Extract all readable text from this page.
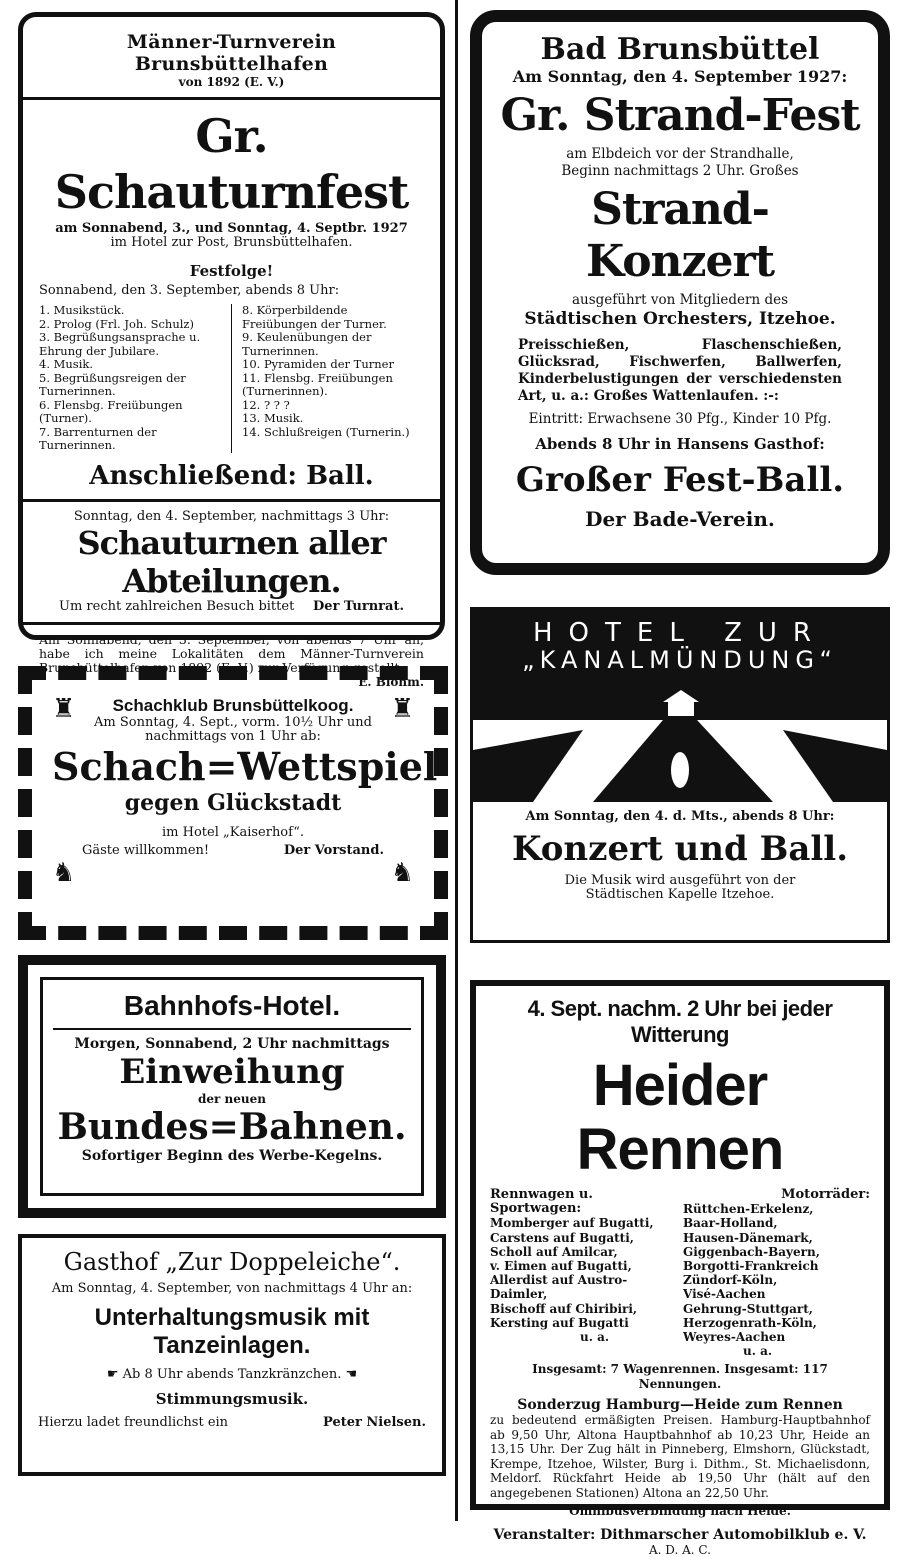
Männer-Turnverein Brunsbüttelhafen
von 1892 (E. V.)
Gr. Schauturnfest
am Sonnabend, 3., und Sonntag, 4. Septbr. 1927
im Hotel zur Post, Brunsbüttelhafen.
Festfolge!
Sonnabend, den 3. September, abends 8 Uhr:
1. Musikstück.
2. Prolog (Frl. Joh. Schulz)
3. Begrüßungsansprache u. Ehrung der Jubilare.
4. Musik.
5. Begrüßungsreigen der Turnerinnen.
6. Flensbg. Freiübungen (Turner).
7. Barrenturnen der Turnerinnen.
8. Körperbildende Freiübungen der Turner.
9. Keulenübungen der Turnerinnen.
10. Pyramiden der Turner
11. Flensbg. Freiübungen (Turnerinnen).
12. ? ? ?
13. Musik.
14. Schlußreigen (Turnerin.)
Anschließend: Ball.
Sonntag, den 4. September, nachmittags 3 Uhr:
Schauturnen aller Abteilungen.
Um recht zahlreichen Besuch bittet Der Turnrat.
Am Sonnabend, den 3. September, von abends 7 Uhr an, habe ich meine Lokalitäten dem Männer-Turnverein Brunsbüttelhafen von 1892 (E. V.) zur Verfügung gestellt.
E. Blohm.
Bad Brunsbüttel
Am Sonntag, den 4. September 1927:
Gr. Strand-Fest
am Elbdeich vor der Strandhalle,
Beginn nachmittags 2 Uhr. Großes
Strand-Konzert
ausgeführt von Mitgliedern des
Städtischen Orchesters, Itzehoe.
Preisschießen, Flaschenschießen, Glücksrad, Fischwerfen, Ballwerfen, Kinderbelustigungen der verschiedensten Art, u. a.: Großes Wattenlaufen. :-:
Eintritt: Erwachsene 30 Pfg., Kinder 10 Pfg.
Abends 8 Uhr in Hansens Gasthof:
Großer Fest-Ball.
Der Bade-Verein.
♜	♜
♞	♞
Schachklub Brunsbüttelkoog.
Am Sonntag, 4. Sept., vorm. 10½ Uhr und nachmittags von 1 Uhr ab:
Schach=Wettspiel
gegen Glückstadt
im Hotel „Kaiserhof“.
Gäste willkommen!	Der Vorstand.
HOTEL ZUR
„KANALMÜNDUNG“
Am Sonntag, den 4. d. Mts., abends 8 Uhr:
Konzert und Ball.
Die Musik wird ausgeführt von der Städtischen Kapelle Itzehoe.
Bahnhofs-Hotel.
Morgen, Sonnabend, 2 Uhr nachmittags
Einweihung
der neuen
Bundes=Bahnen.
Sofortiger Beginn des Werbe-Kegelns.
Gasthof „Zur Doppeleiche“.
Am Sonntag, 4. September, von nachmittags 4 Uhr an:
Unterhaltungsmusik mit Tanzeinlagen.
☛ Ab 8 Uhr abends Tanzkränzchen. ☚
Stimmungsmusik.
Hierzu ladet freundlichst ein	Peter Nielsen.
4. Sept. nachm. 2 Uhr bei jeder Witterung
Heider Rennen
Rennwagen u. Sportwagen:
Momberger auf Bugatti,
Carstens auf Bugatti,
Scholl auf Amilcar,
v. Eimen auf Bugatti,
Allerdist auf Austro-Daimler,
Bischoff auf Chiribiri,
Kersting auf Bugatti
u. a.
Motorräder:
Rüttchen-Erkelenz,
Baar-Holland,
Hausen-Dänemark,
Giggenbach-Bayern,
Borgotti-Frankreich
Zündorf-Köln,
Visé-Aachen
Gehrung-Stuttgart,
Herzogenrath-Köln,
Weyres-Aachen
u. a.
Insgesamt: 7 Wagenrennen. Insgesamt: 117 Nennungen.
Sonderzug Hamburg—Heide zum Rennen
zu bedeutend ermäßigten Preisen. Hamburg-Hauptbahnhof ab 9,50 Uhr, Altona Hauptbahnhof ab 10,23 Uhr, Heide an 13,15 Uhr. Der Zug hält in Pinneberg, Elmshorn, Glückstadt, Krempe, Itzehoe, Wilster, Burg i. Dithm., St. Michaelisdonn, Meldorf. Rückfahrt Heide ab 19,50 Uhr (hält auf den angegebenen Stationen) Altona an 22,50 Uhr.
Omnibusverbindung nach Heide.
Veranstalter: Dithmarscher Automobilklub e. V.
A. D. A. C.
